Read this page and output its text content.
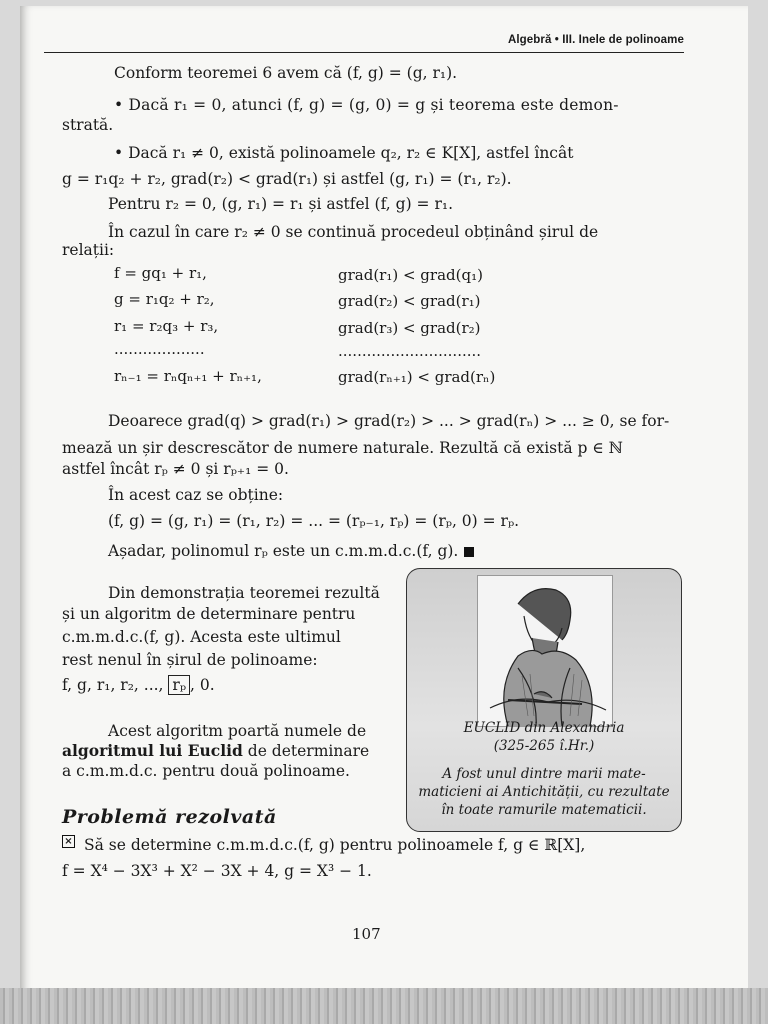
Algebră • III. Inele de polinoame
Conform teoremei 6 avem că (f, g) = (g, r₁).
• Dacă r₁ = 0, atunci (f, g) = (g, 0) = g și teorema este demon-
strată.
• Dacă r₁ ≠ 0, există polinoamele q₂, r₂ ∈ K[X], astfel încât
g = r₁q₂ + r₂, grad(r₂) < grad(r₁) și astfel (g, r₁) = (r₁, r₂).
Pentru r₂ = 0, (g, r₁) = r₁ și astfel (f, g) = r₁.
În cazul în care r₂ ≠ 0 se continuă procedeul obținând șirul de
relații:
f = gq₁ + r₁,
g = r₁q₂ + r₂,
r₁ = r₂q₃ + r₃,
...................
rₙ₋₁ = rₙqₙ₊₁ + rₙ₊₁,
grad(r₁) < grad(q₁)
grad(r₂) < grad(r₁)
grad(r₃) < grad(r₂)
..............................
grad(rₙ₊₁) < grad(rₙ)
Deoarece grad(q) > grad(r₁) > grad(r₂) > ... > grad(rₙ) > ... ≥ 0, se for-
mează un șir descrescător de numere naturale. Rezultă că există p ∈ ℕ
astfel încât rₚ ≠ 0 și rₚ₊₁ = 0.
În acest caz se obține:
(f, g) = (g, r₁) = (r₁, r₂) = ... = (rₚ₋₁, rₚ) = (rₚ, 0) = rₚ.
Așadar, polinomul rₚ este un c.m.m.d.c.(f, g).
Din demonstrația teoremei rezultă
și un algoritm de determinare pentru
c.m.m.d.c.(f, g). Acesta este ultimul
rest nenul în șirul de polinoame:
f, g, r₁, r₂, ..., rₚ , 0.
Acest algoritm poartă numele de
algoritmul lui Euclid de determinare
a c.m.m.d.c. pentru două polinoame.
EUCLID din Alexandria
(325-265 î.Hr.)
A fost unul dintre marii mate-
maticieni ai Antichității, cu rezultate
în toate ramurile matematicii.
Problemă rezolvată
× Să se determine c.m.m.d.c.(f, g) pentru polinoamele f, g ∈ ℝ[X],
f = X⁴ − 3X³ + X² − 3X + 4, g = X³ − 1.
107
